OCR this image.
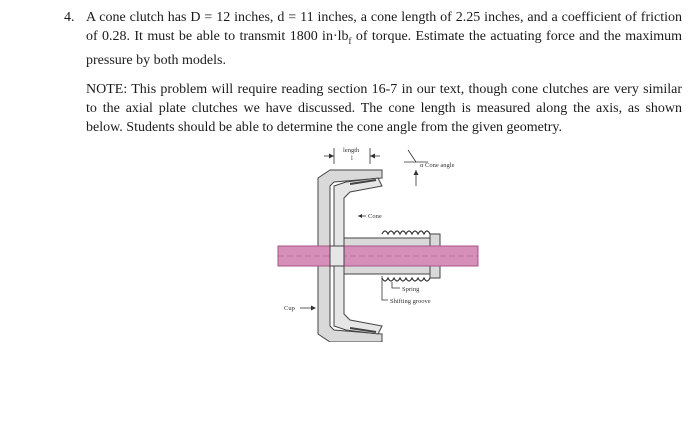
4. A cone clutch has D = 12 inches, d = 11 inches, a cone length of 2.25 inches, and a coefficient of friction of 0.28. It must be able to transmit 1800 $in\cdot lb_f$ of torque. Estimate the actuating force and the maximum pressure by both models.

NOTE: This problem will require reading section 16-7 in our text, though cone clutches are very similar to the axial plate clutches we have discussed. The cone length is measured along the axis, as shown below. Students should be able to determine the cone angle from the given geometry.

length
l
α Cone angle
Cone
Spring
Shifting groove
Cup
